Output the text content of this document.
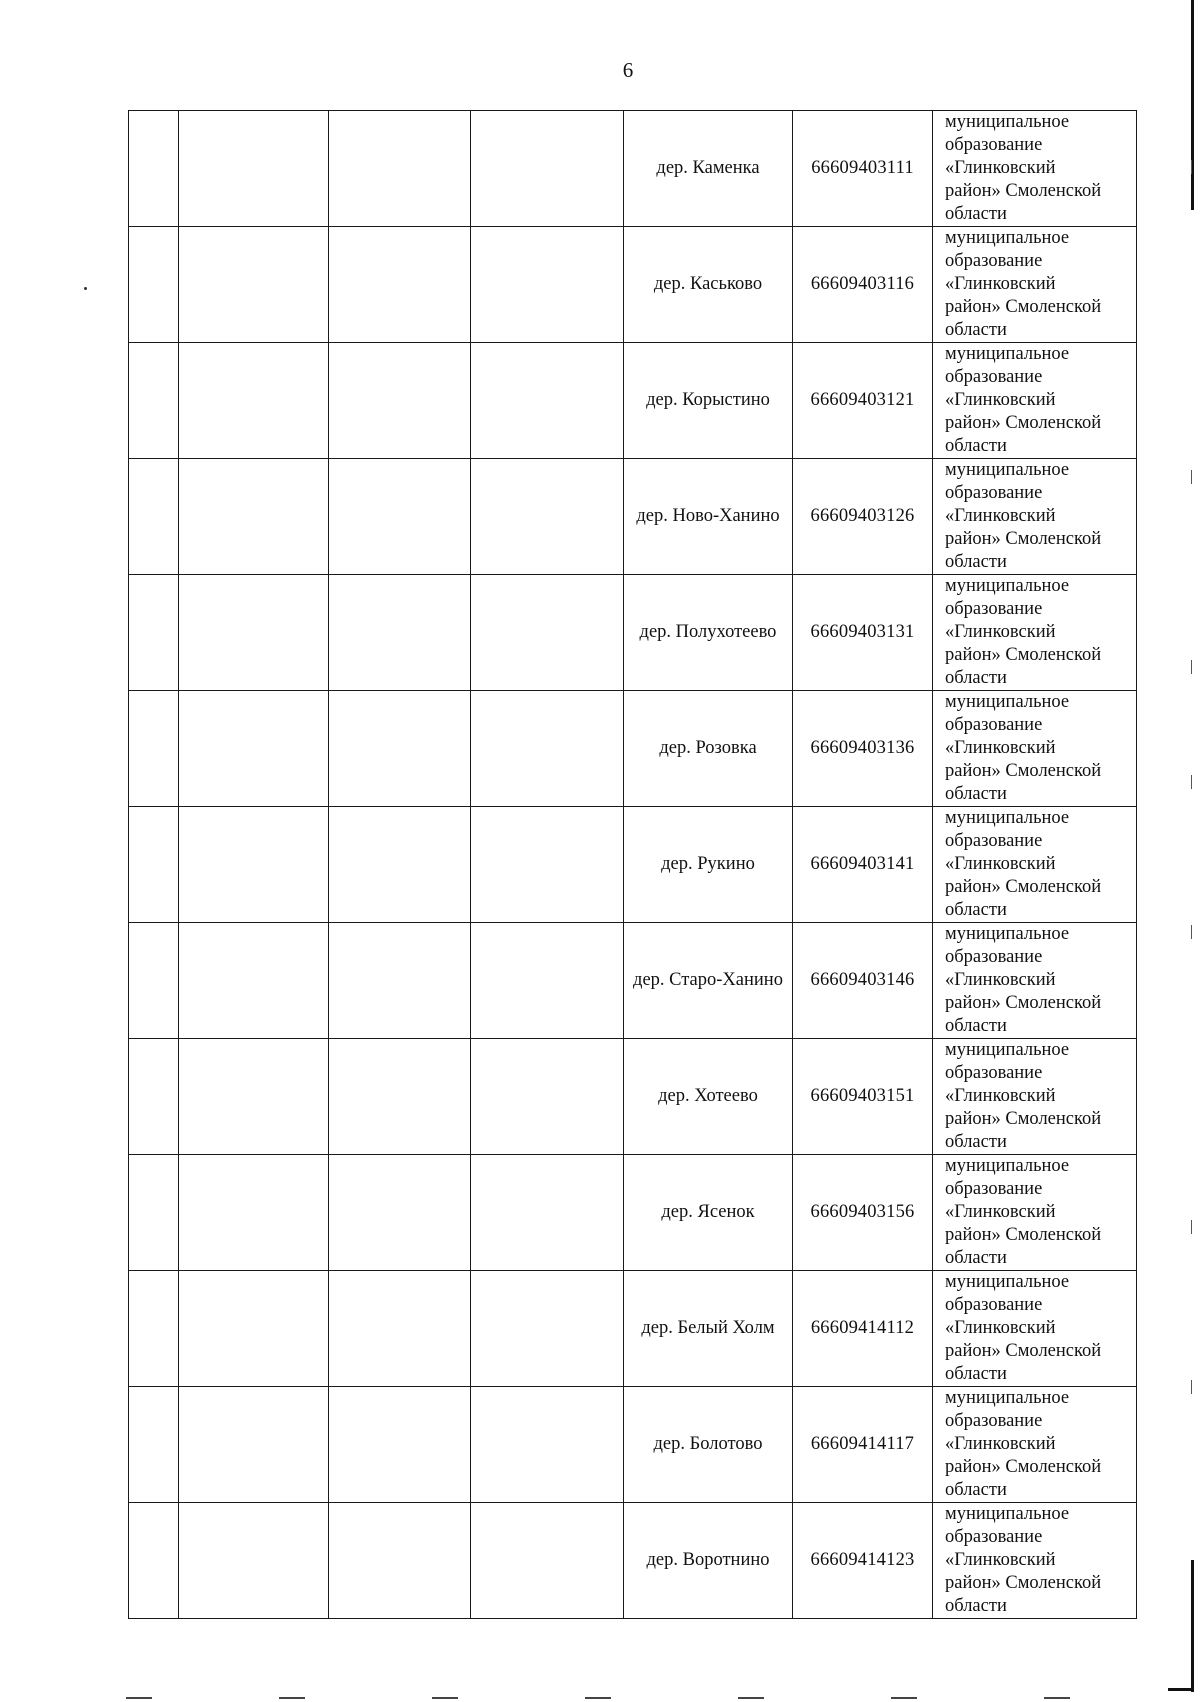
6
				дер. Каменка	66609403111	муниципальное
образование
«Глинковский
район» Смоленской
области
				дер. Каськово	66609403116	муниципальное
образование
«Глинковский
район» Смоленской
области
				дер. Корыстино	66609403121	муниципальное
образование
«Глинковский
район» Смоленской
области
				дер. Ново-Ханино	66609403126	муниципальное
образование
«Глинковский
район» Смоленской
области
				дер. Полухотеево	66609403131	муниципальное
образование
«Глинковский
район» Смоленской
области
				дер. Розовка	66609403136	муниципальное
образование
«Глинковский
район» Смоленской
области
				дер. Рукино	66609403141	муниципальное
образование
«Глинковский
район» Смоленской
области
				дер. Старо-Ханино	66609403146	муниципальное
образование
«Глинковский
район» Смоленской
области
				дер. Хотеево	66609403151	муниципальное
образование
«Глинковский
район» Смоленской
области
				дер. Ясенок	66609403156	муниципальное
образование
«Глинковский
район» Смоленской
области
				дер. Белый Холм	66609414112	муниципальное
образование
«Глинковский
район» Смоленской
области
				дер. Болотово	66609414117	муниципальное
образование
«Глинковский
район» Смоленской
области
				дер. Воротнино	66609414123	муниципальное
образование
«Глинковский
район» Смоленской
области
